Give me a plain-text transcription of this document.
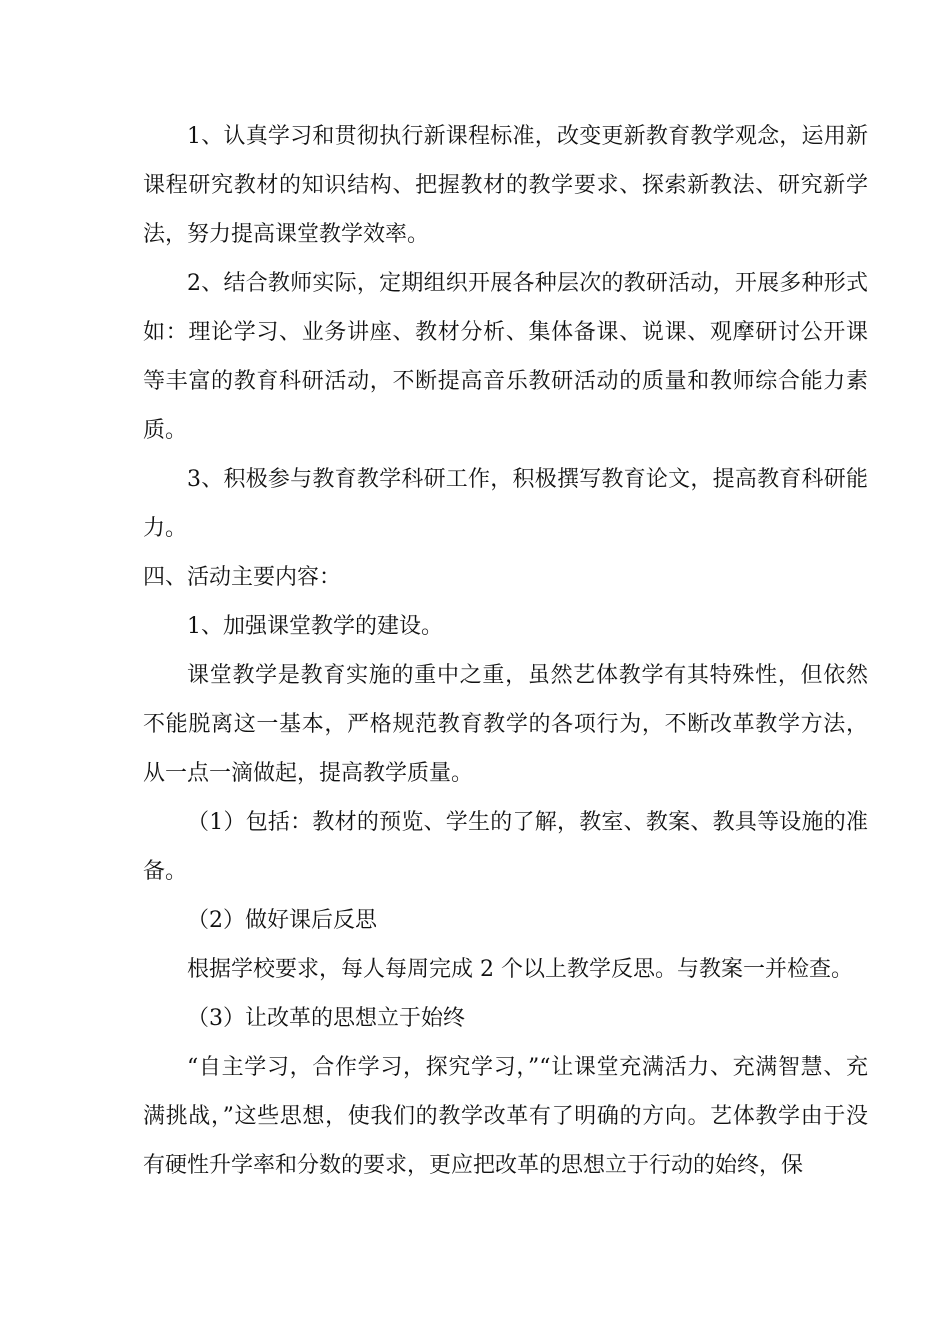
1、认真学习和贯彻执行新课程标准，改变更新教育教学观念，运用新课程研究教材的知识结构、把握教材的教学要求、探索新教法、研究新学法，努力提高课堂教学效率。

2、结合教师实际，定期组织开展各种层次的教研活动，开展多种形式如：理论学习、业务讲座、教材分析、集体备课、说课、观摩研讨公开课等丰富的教育科研活动，不断提高音乐教研活动的质量和教师综合能力素质。

3、积极参与教育教学科研工作，积极撰写教育论文，提高教育科研能力。

四、活动主要内容：

1、加强课堂教学的建设。

课堂教学是教育实施的重中之重，虽然艺体教学有其特殊性，但依然不能脱离这一基本，严格规范教育教学的各项行为，不断改革教学方法，从一点一滴做起，提高教学质量。

（1）包括：教材的预览、学生的了解，教室、教案、教具等设施的准备。

（2）做好课后反思

根据学校要求，每人每周完成 2 个以上教学反思。与教案一并检查。

（3）让改革的思想立于始终

“自主学习，合作学习，探究学习，”“让课堂充满活力、充满智慧、充满挑战，”这些思想，使我们的教学改革有了明确的方向。艺体教学由于没有硬性升学率和分数的要求，更应把改革的思想立于行动的始终，保
